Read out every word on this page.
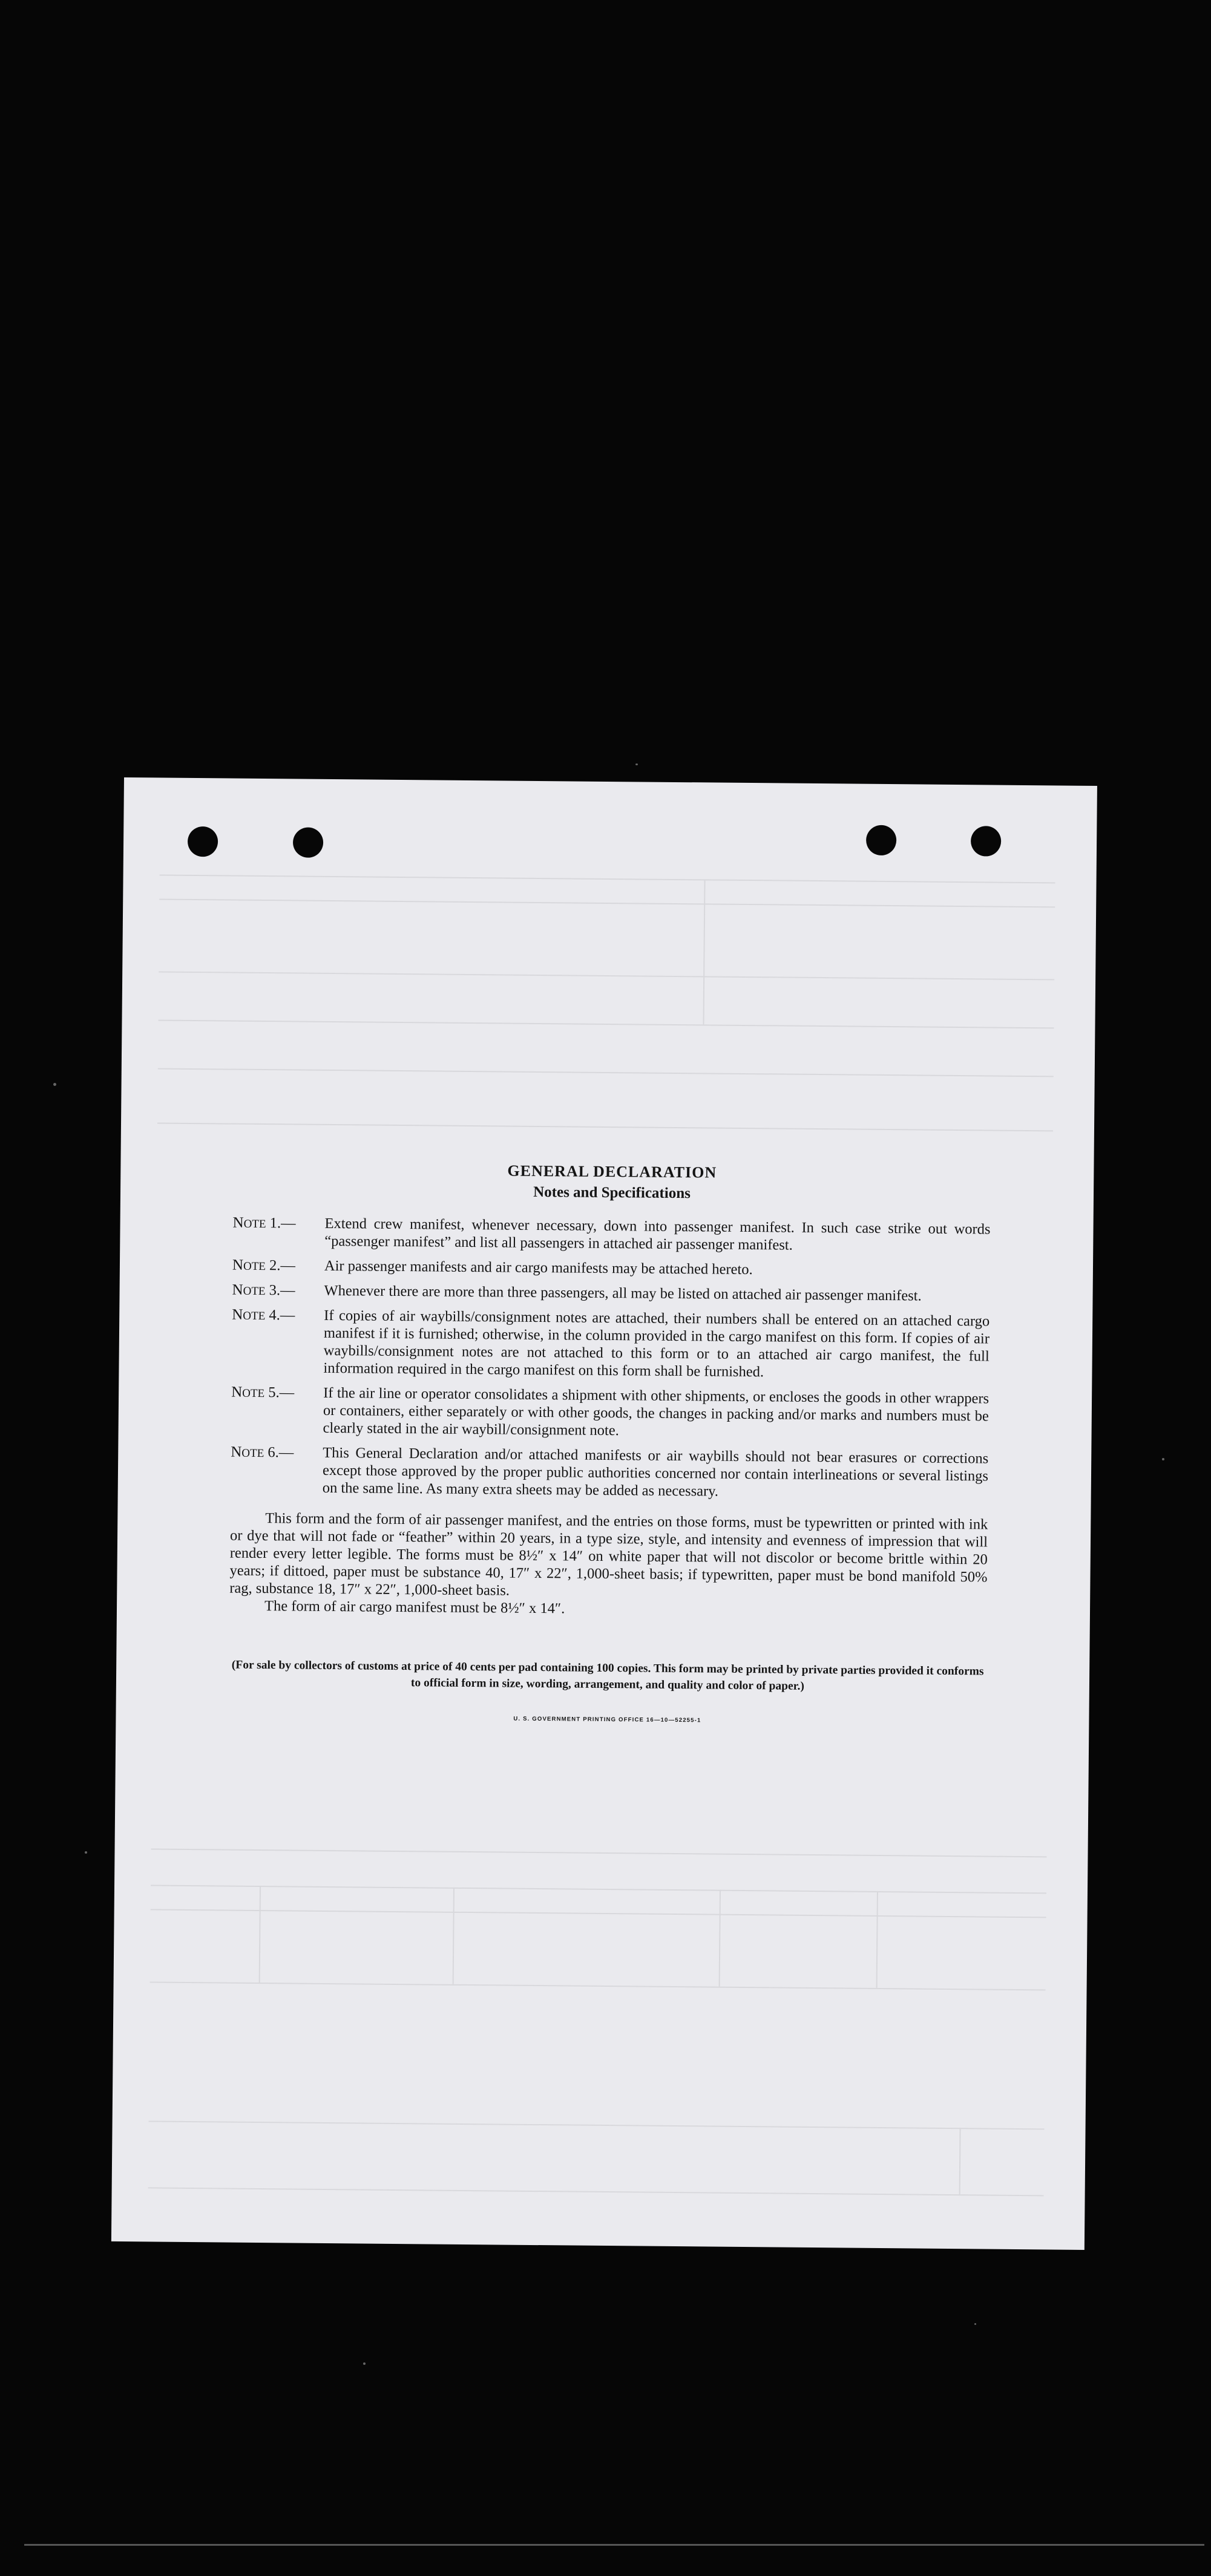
GENERAL DECLARATION
Notes and Specifications
NOTE 1.—	Extend crew manifest, whenever necessary, down into passenger manifest. In such case strike out words “passenger manifest” and list all passengers in attached air passenger manifest.
NOTE 2.—	Air passenger manifests and air cargo manifests may be attached hereto.
NOTE 3.—	Whenever there are more than three passengers, all may be listed on attached air passenger manifest.
NOTE 4.—	If copies of air waybills/consignment notes are attached, their numbers shall be entered on an attached cargo manifest if it is furnished; otherwise, in the column provided in the cargo manifest on this form. If copies of air waybills/consignment notes are not attached to this form or to an attached air cargo manifest, the full information required in the cargo manifest on this form shall be furnished.
NOTE 5.—	If the air line or operator consolidates a shipment with other shipments, or encloses the goods in other wrappers or containers, either separately or with other goods, the changes in packing and/or marks and numbers must be clearly stated in the air waybill/consignment note.
NOTE 6.—	This General Declaration and/or attached manifests or air waybills should not bear erasures or corrections except those approved by the proper public authorities concerned nor contain interlineations or several listings on the same line. As many extra sheets may be added as necessary.

This form and the form of air passenger manifest, and the entries on those forms, must be typewritten or printed with ink or dye that will not fade or “feather” within 20 years, in a type size, style, and intensity and evenness of impression that will render every letter legible. The forms must be 8½″ x 14″ on white paper that will not discolor or become brittle within 20 years; if dittoed, paper must be substance 40, 17″ x 22″, 1,000-sheet basis; if typewritten, paper must be bond manifold 50% rag, substance 18, 17″ x 22″, 1,000-sheet basis.

The form of air cargo manifest must be 8½″ x 14″.

(For sale by collectors of customs at price of 40 cents per pad containing 100 copies. This form may be printed by private parties provided it conforms to official form in size, wording, arrangement, and quality and color of paper.)
U. S. GOVERNMENT PRINTING OFFICE 16—10—52255-1
